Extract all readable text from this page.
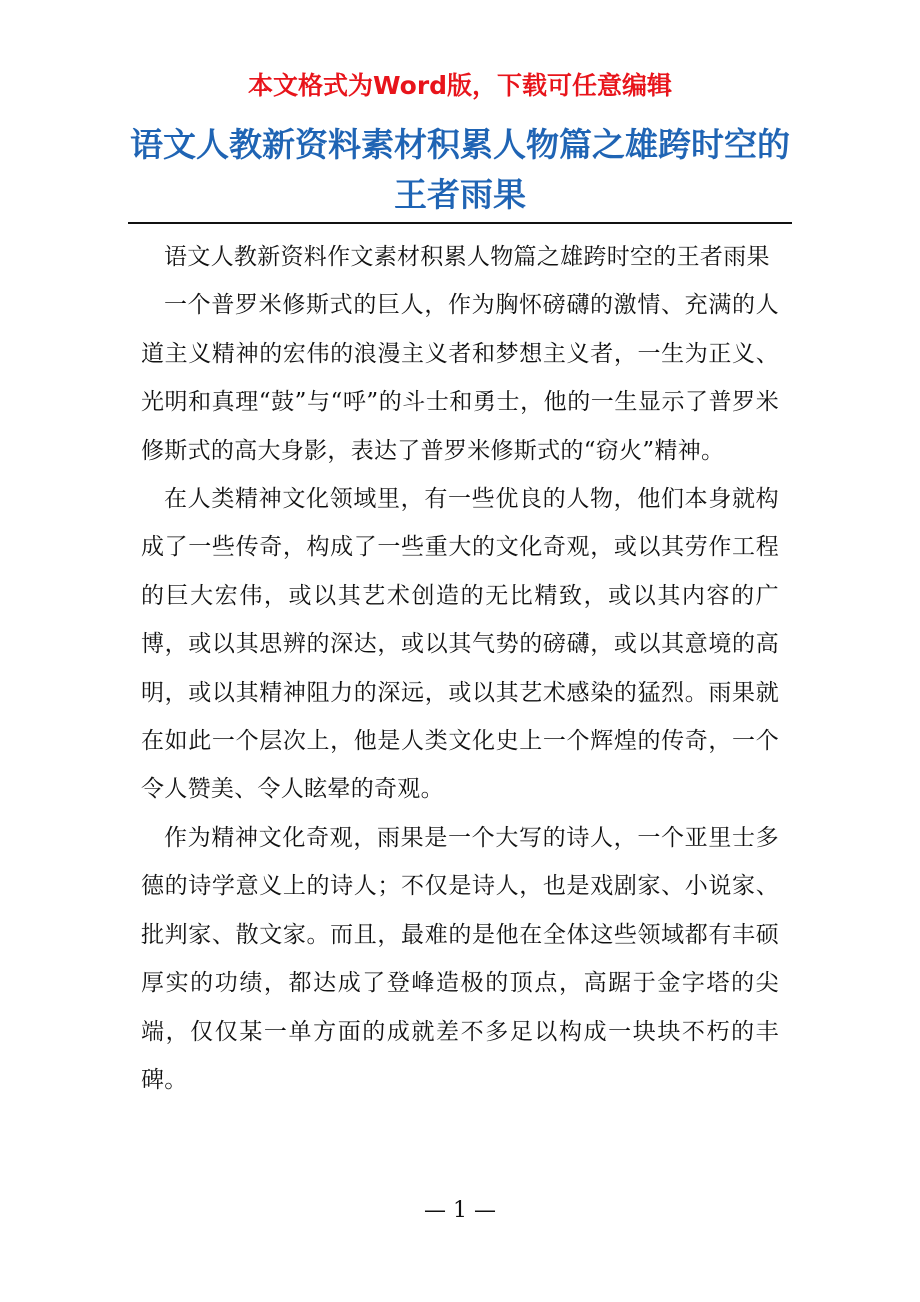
本文格式为Word版，下载可任意编辑
语文人教新资料素材积累人物篇之雄跨时空的王者雨果

语文人教新资料作文素材积累人物篇之雄跨时空的王者雨果

一个普罗米修斯式的巨人，作为胸怀磅礴的激情、充满的人道主义精神的宏伟的浪漫主义者和梦想主义者，一生为正义、光明和真理“鼓”与“呼”的斗士和勇士，他的一生显示了普罗米修斯式的高大身影，表达了普罗米修斯式的“窃火”精神。

在人类精神文化领域里，有一些优良的人物，他们本身就构成了一些传奇，构成了一些重大的文化奇观，或以其劳作工程的巨大宏伟，或以其艺术创造的无比精致，或以其内容的广博，或以其思辨的深达，或以其气势的磅礴，或以其意境的高明，或以其精神阻力的深远，或以其艺术感染的猛烈。雨果就在如此一个层次上，他是人类文化史上一个辉煌的传奇，一个令人赞美、令人眩晕的奇观。

作为精神文化奇观，雨果是一个大写的诗人，一个亚里士多德的诗学意义上的诗人；不仅是诗人，也是戏剧家、小说家、批判家、散文家。而且，最难的是他在全体这些领域都有丰硕厚实的功绩，都达成了登峰造极的顶点，高踞于金字塔的尖端，仅仅某一单方面的成就差不多足以构成一块块不朽的丰碑。

— 1 —
